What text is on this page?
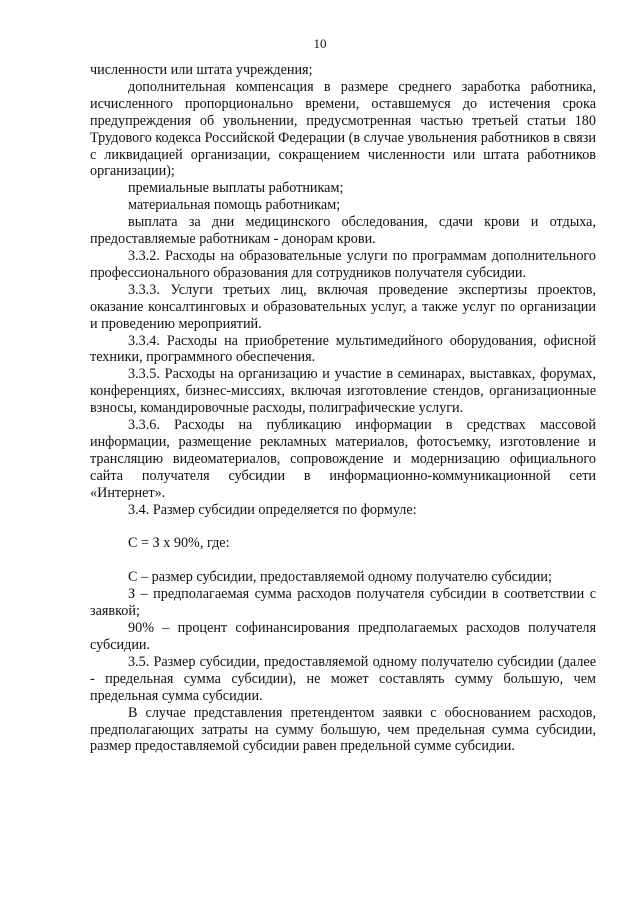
10

численности или штата учреждения;

дополнительная компенсация в размере среднего заработка работника, исчисленного пропорционально времени, оставшемуся до истечения срока предупреждения об увольнении, предусмотренная частью третьей статьи 180 Трудового кодекса Российской Федерации (в случае увольнения работников в связи с ликвидацией организации, сокращением численности или штата работников организации);

премиальные выплаты работникам;

материальная помощь работникам;

выплата за дни медицинского обследования, сдачи крови и отдыха, предоставляемые работникам - донорам крови.

3.3.2. Расходы на образовательные услуги по программам дополнительного профессионального образования для сотрудников получателя субсидии.

3.3.3. Услуги третьих лиц, включая проведение экспертизы проектов, оказание консалтинговых и образовательных услуг, а также услуг по организации и проведению мероприятий.

3.3.4. Расходы на приобретение мультимедийного оборудования, офисной техники, программного обеспечения.

3.3.5. Расходы на организацию и участие в семинарах, выставках, форумах, конференциях, бизнес-миссиях, включая изготовление стендов, организационные взносы, командировочные расходы, полиграфические услуги.

3.3.6. Расходы на публикацию информации в средствах массовой информации, размещение рекламных материалов, фотосъемку, изготовление и трансляцию видеоматериалов, сопровождение и модернизацию официального сайта получателя субсидии в информационно-коммуникационной сети «Интернет».

3.4. Размер субсидии определяется по формуле:

С = З х 90%, где:

С – размер субсидии, предоставляемой одному получателю субсидии;

З – предполагаемая сумма расходов получателя субсидии в соответствии с заявкой;

90% – процент софинансирования предполагаемых расходов получателя субсидии.

3.5. Размер субсидии, предоставляемой одному получателю субсидии (далее - предельная сумма субсидии), не может составлять сумму большую, чем предельная сумма субсидии.

В случае представления претендентом заявки с обоснованием расходов, предполагающих затраты на сумму большую, чем предельная сумма субсидии, размер предоставляемой субсидии равен предельной сумме субсидии.
